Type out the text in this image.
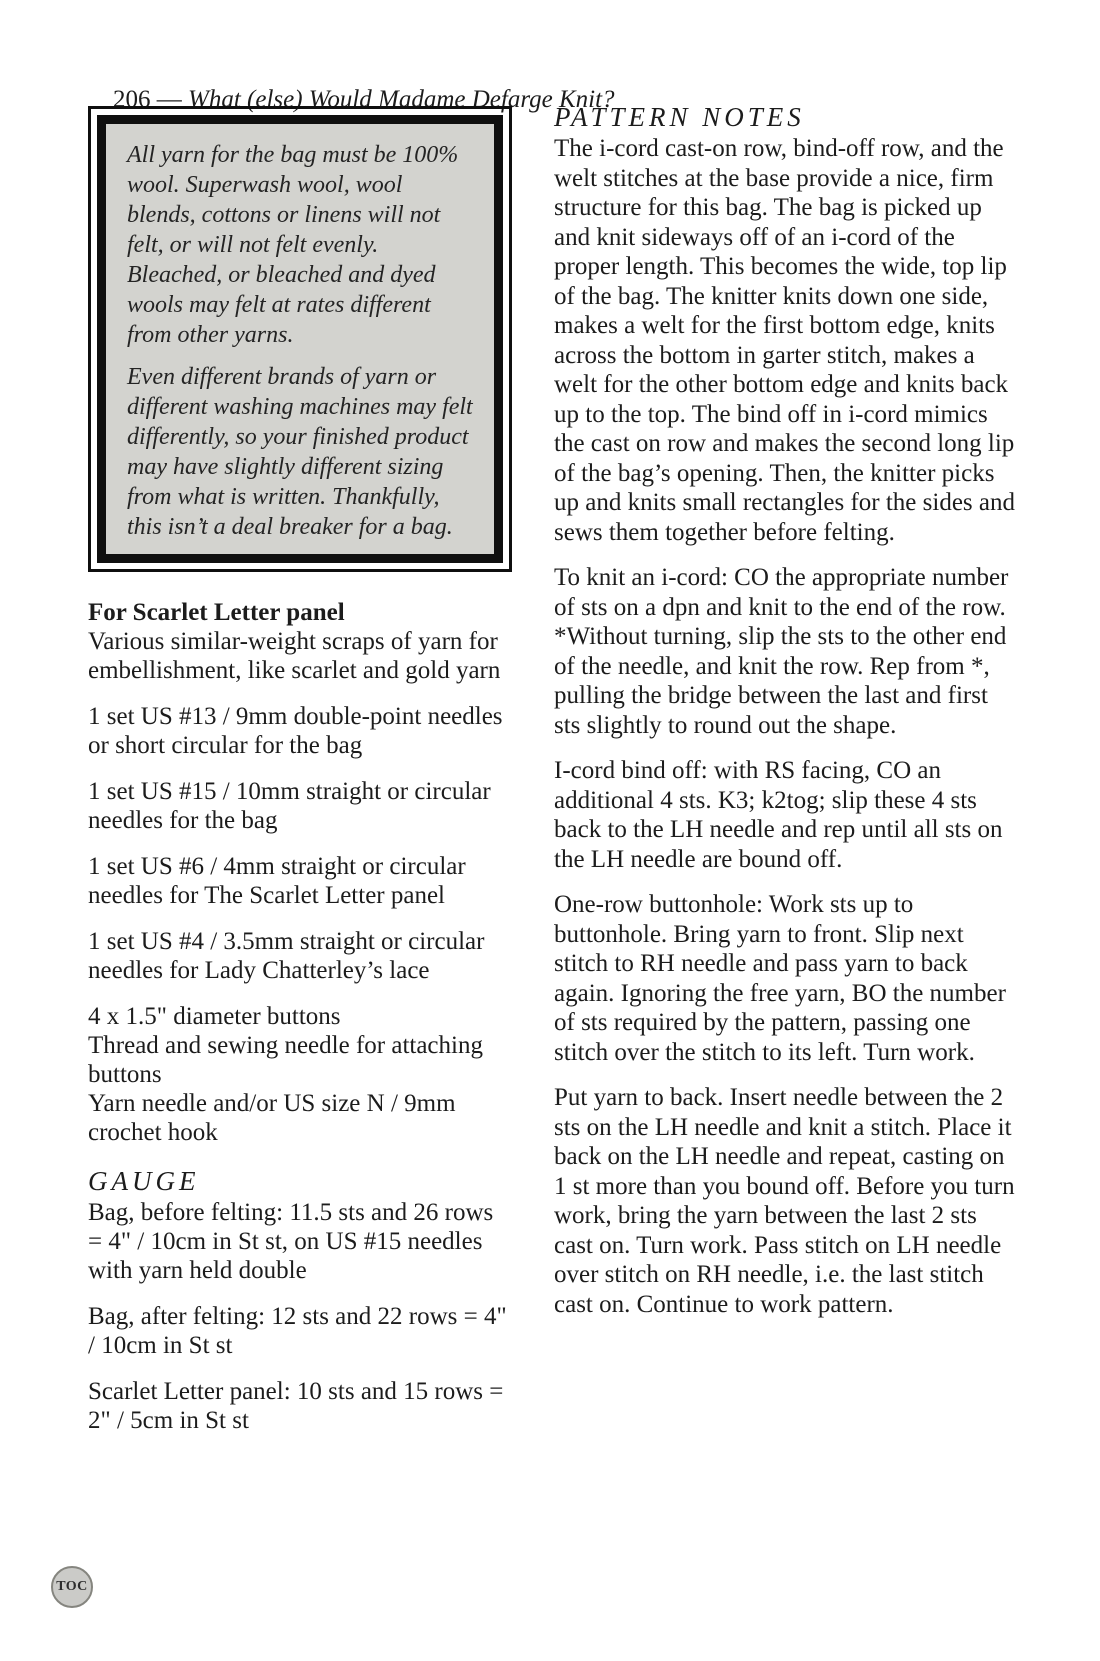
206 — What (else) Would Madame Defarge Knit?

All yarn for the bag must be 100% wool. Superwash wool, wool blends, cottons or linens will not felt, or will not felt evenly. Bleached, or bleached and dyed wools may felt at rates different from other yarns.

Even different brands of yarn or different washing machines may felt differently, so your finished product may have slightly different sizing from what is written. Thankfully, this isn’t a deal breaker for a bag.

For Scarlet Letter panel

Various similar-weight scraps of yarn for embellishment, like scarlet and gold yarn

1 set US #13 / 9mm double-point needles or short circular for the bag

1 set US #15 / 10mm straight or circular needles for the bag

1 set US #6 / 4mm straight or circular needles for The Scarlet Letter panel

1 set US #4 / 3.5mm straight or circular needles for Lady Chatterley’s lace

4 x 1.5" diameter buttons
Thread and sewing needle for attaching buttons
Yarn needle and/or US size N / 9mm crochet hook

GAUGE

Bag, before felting: 11.5 sts and 26 rows = 4" / 10cm in St st, on US #15 needles with yarn held double

Bag, after felting: 12 sts and 22 rows = 4" / 10cm in St st

Scarlet Letter panel: 10 sts and 15 rows = 2" / 5cm in St st

PATTERN NOTES

The i-cord cast-on row, bind-off row, and the welt stitches at the base provide a nice, firm structure for this bag. The bag is picked up and knit sideways off of an i-cord of the proper length. This becomes the wide, top lip of the bag. The knitter knits down one side, makes a welt for the first bottom edge, knits across the bottom in garter stitch, makes a welt for the other bottom edge and knits back up to the top. The bind off in i-cord mimics the cast on row and makes the second long lip of the bag’s opening. Then, the knitter picks up and knits small rectangles for the sides and sews them together before felting.

To knit an i-cord: CO the appropriate number of sts on a dpn and knit to the end of the row. *Without turning, slip the sts to the other end of the needle, and knit the row. Rep from *, pulling the bridge between the last and first sts slightly to round out the shape.

I-cord bind off: with RS facing, CO an additional 4 sts. K3; k2tog; slip these 4 sts back to the LH needle and rep until all sts on the LH needle are bound off.

One-row buttonhole: Work sts up to buttonhole. Bring yarn to front. Slip next stitch to RH needle and pass yarn to back again. Ignoring the free yarn, BO the number of sts required by the pattern, passing one stitch over the stitch to its left. Turn work.

Put yarn to back. Insert needle between the 2 sts on the LH needle and knit a stitch. Place it back on the LH needle and repeat, casting on 1 st more than you bound off. Before you turn work, bring the yarn between the last 2 sts cast on. Turn work. Pass stitch on LH needle over stitch on RH needle, i.e. the last stitch cast on. Continue to work pattern.

TOC
